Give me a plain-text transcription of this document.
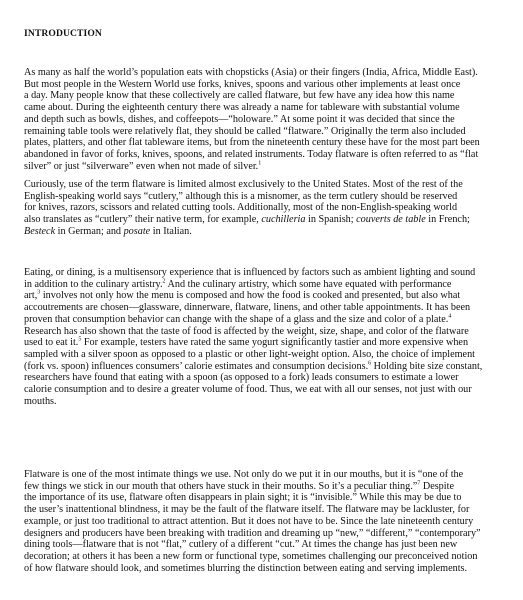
INTRODUCTION
As many as half the world’s population eats with chopsticks (Asia) or their fingers (India, Africa, Middle East).
But most people in the Western World use forks, knives, spoons and various other implements at least once
a day. Many people know that these collectively are called flatware, but few have any idea how this name
came about. During the eighteenth century there was already a name for tableware with substantial volume
and depth such as bowls, dishes, and coffeepots—“holoware.” At some point it was decided that since the
remaining table tools were relatively flat, they should be called “flatware.” Originally the term also included
plates, platters, and other flat tableware items, but from the nineteenth century these have for the most part been
abandoned in favor of forks, knives, spoons, and related instruments. Today flatware is often referred to as “flat
silver” or just “silverware” even when not made of silver.$^1$
Curiously, use of the term flatware is limited almost exclusively to the United States. Most of the rest of the
English-speaking world says “cutlery,” although this is a misnomer, as the term cutlery should be reserved
for knives, razors, scissors and related cutting tools. Additionally, most of the non-English-speaking world
also translates as “cutlery” their native term, for example, cuchilleria in Spanish; couverts de table in French;
Besteck in German; and posate in Italian.
Eating, or dining, is a multisensory experience that is influenced by factors such as ambient lighting and sound
in addition to the culinary artistry.$^2$ And the culinary artistry, which some have equated with performance
art,$^3$ involves not only how the menu is composed and how the food is cooked and presented, but also what
accoutrements are chosen—glassware, dinnerware, flatware, linens, and other table appointments. It has been
proven that consumption behavior can change with the shape of a glass and the size and color of a plate.$^4$
Research has also shown that the taste of food is affected by the weight, size, shape, and color of the flatware
used to eat it.$^5$ For example, testers have rated the same yogurt significantly tastier and more expensive when
sampled with a silver spoon as opposed to a plastic or other light-weight option. Also, the choice of implement
(fork vs. spoon) influences consumers’ calorie estimates and consumption decisions.$^6$ Holding bite size constant,
researchers have found that eating with a spoon (as opposed to a fork) leads consumers to estimate a lower
calorie consumption and to desire a greater volume of food. Thus, we eat with all our senses, not just with our
mouths.
Flatware is one of the most intimate things we use. Not only do we put it in our mouths, but it is “one of the
few things we stick in our mouth that others have stuck in their mouths. So it’s a peculiar thing.”$^7$ Despite
the importance of its use, flatware often disappears in plain sight; it is “invisible.” While this may be due to
the user’s inattentional blindness, it may be the fault of the flatware itself. The flatware may be lackluster, for
example, or just too traditional to attract attention. But it does not have to be. Since the late nineteenth century
designers and producers have been breaking with tradition and dreaming up “new,” “different,” “contemporary”
dining tools—flatware that is not “flat,” cutlery of a different “cut.” At times the change has just been new
decoration; at others it has been a new form or functional type, sometimes challenging our preconceived notion
of how flatware should look, and sometimes blurring the distinction between eating and serving implements.
